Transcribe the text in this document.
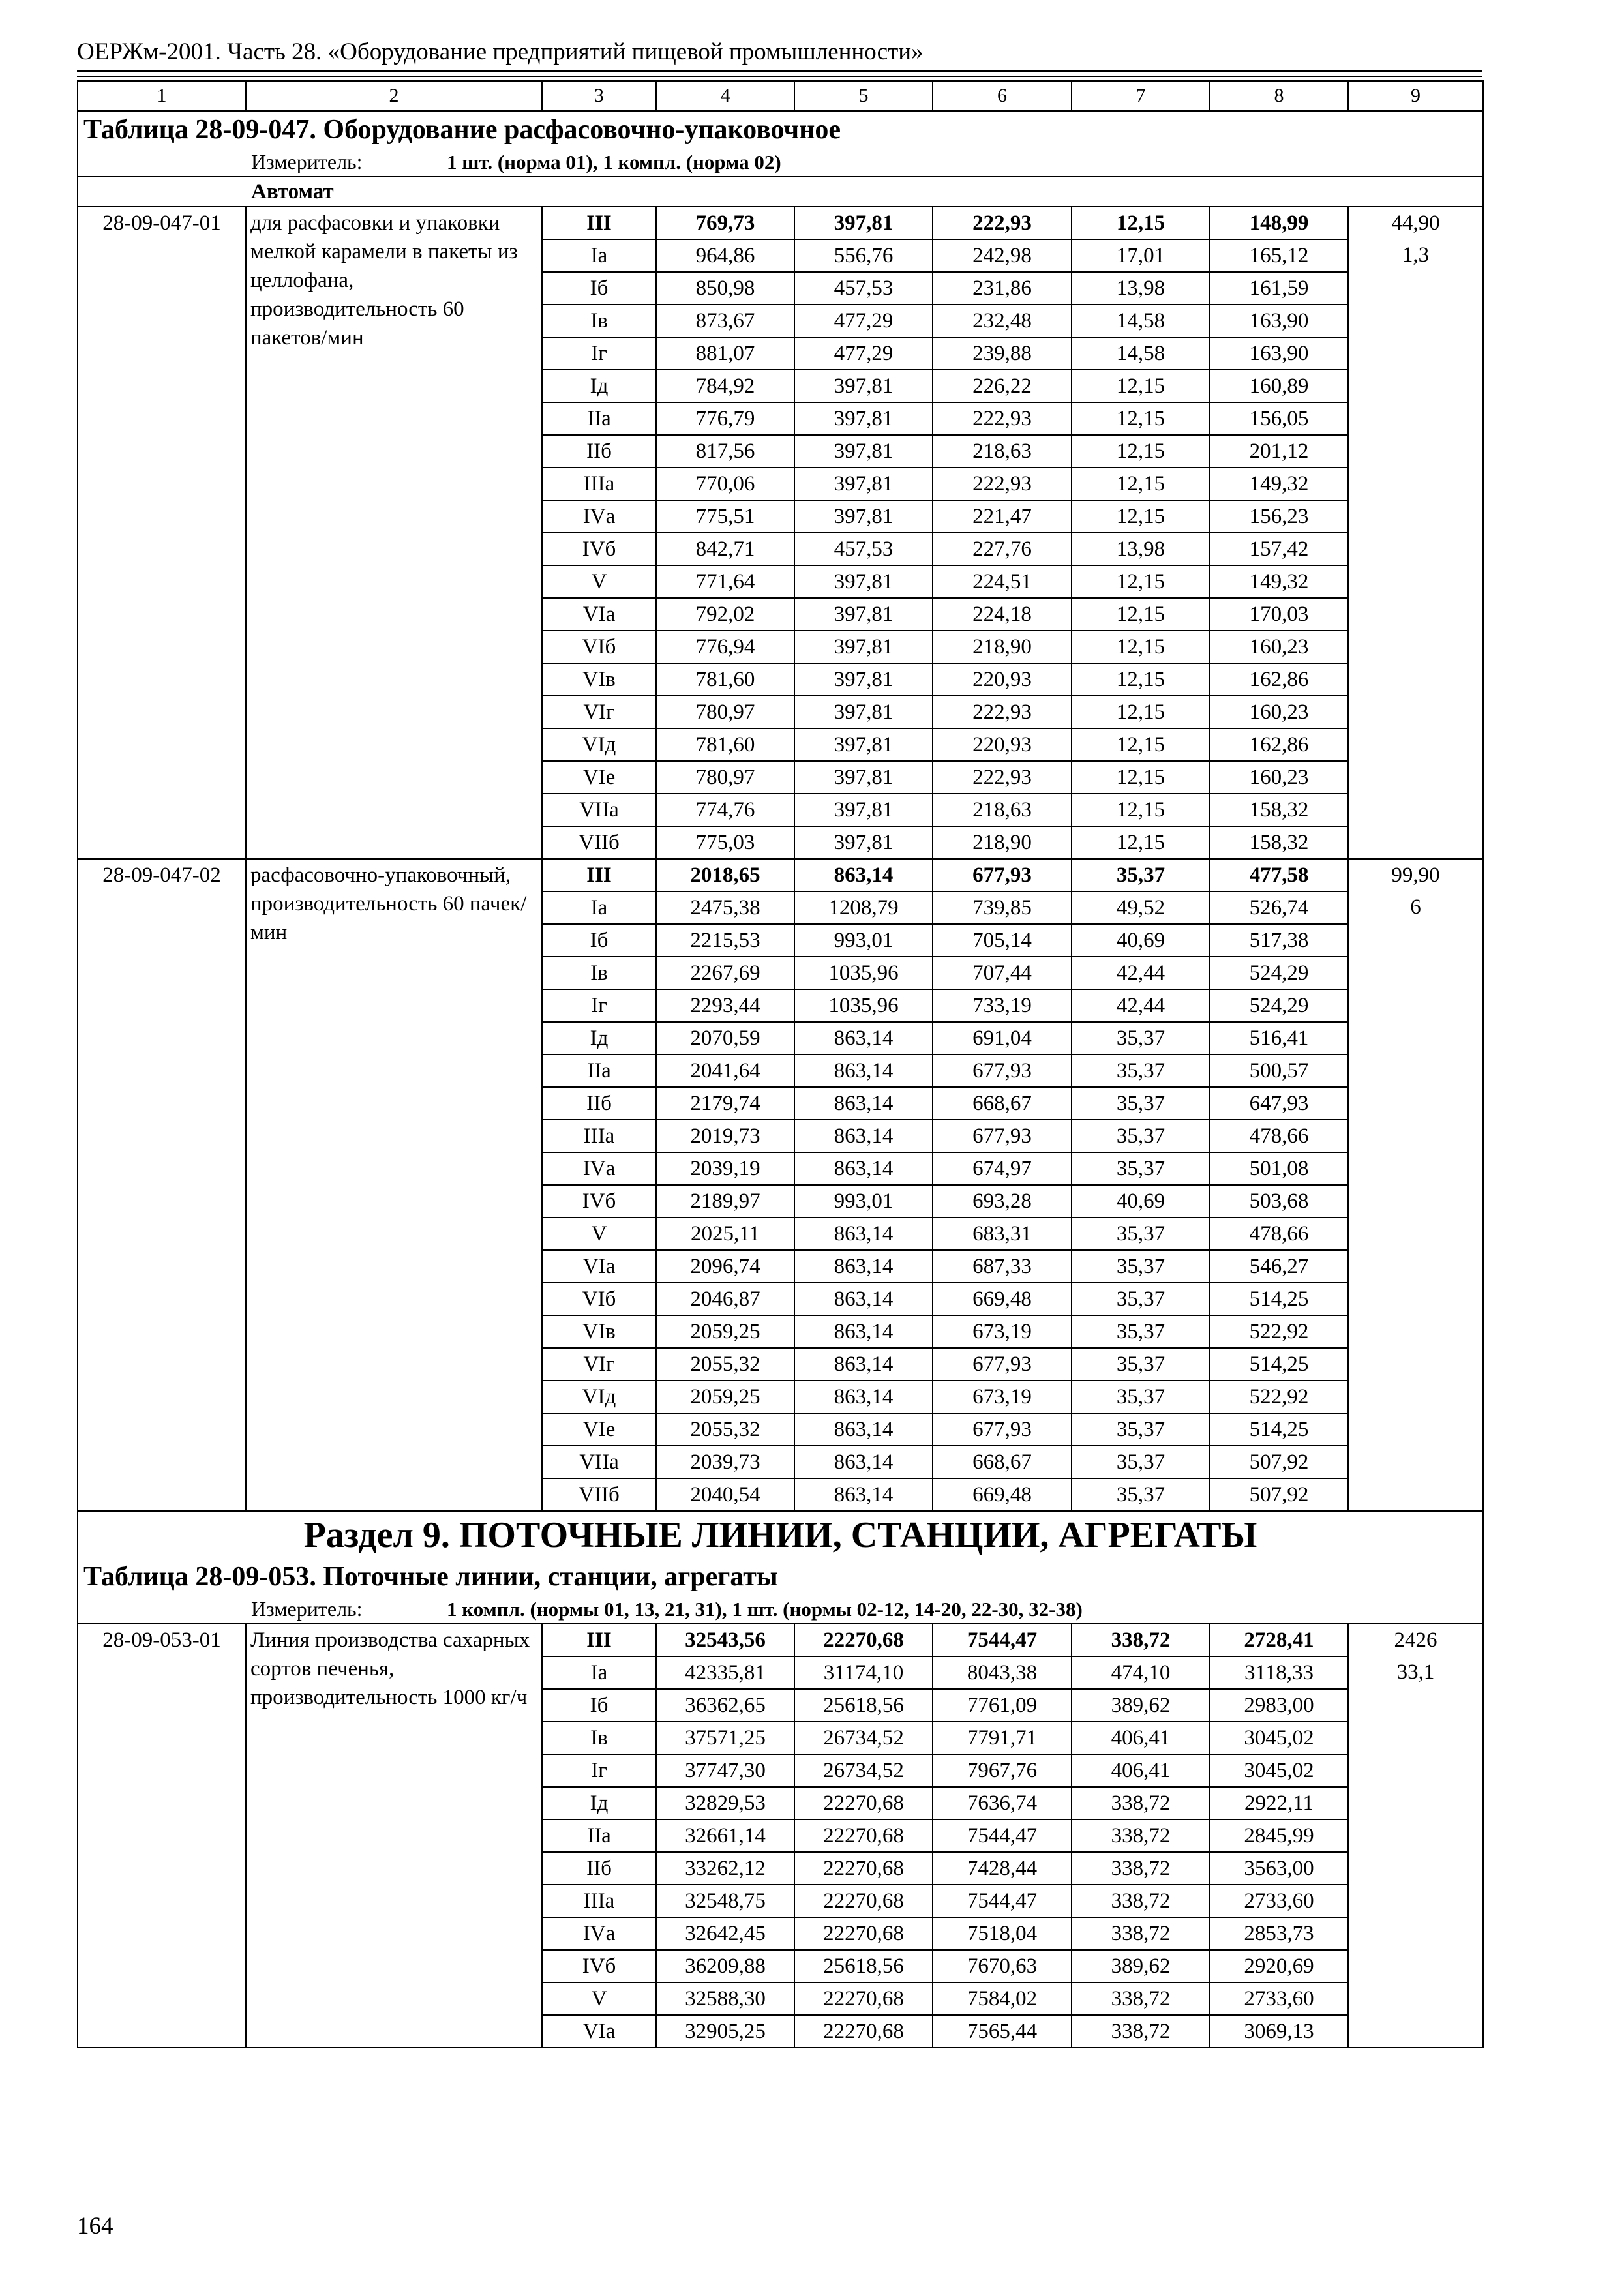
ОЕРЖм-2001. Часть 28. «Оборудование предприятий пищевой промышленности»
1	2	3	4	5	6	7	8	9
Таблица 28-09-047. Оборудование расфасовочно-упаковочное								
Измеритель: 1 шт. (норма 01), 1 компл. (норма 02)								
Автомат								
28-09-047-01	для расфасовки и упаковки мелкой карамели в пакеты из целлофана, производительность 60 пакетов/мин	III	769,73	397,81	222,93	12,15	148,99	44,90
		Iа	964,86	556,76	242,98	17,01	165,12	1,3
		Iб	850,98	457,53	231,86	13,98	161,59	
		Iв	873,67	477,29	232,48	14,58	163,90	
		Iг	881,07	477,29	239,88	14,58	163,90	
		Iд	784,92	397,81	226,22	12,15	160,89	
		IIа	776,79	397,81	222,93	12,15	156,05	
		IIб	817,56	397,81	218,63	12,15	201,12	
		IIIа	770,06	397,81	222,93	12,15	149,32	
		IVа	775,51	397,81	221,47	12,15	156,23	
		IVб	842,71	457,53	227,76	13,98	157,42	
		V	771,64	397,81	224,51	12,15	149,32	
		VIа	792,02	397,81	224,18	12,15	170,03	
		VIб	776,94	397,81	218,90	12,15	160,23	
		VIв	781,60	397,81	220,93	12,15	162,86	
		VIг	780,97	397,81	222,93	12,15	160,23	
		VIд	781,60	397,81	220,93	12,15	162,86	
		VIе	780,97	397,81	222,93	12,15	160,23	
		VIIа	774,76	397,81	218,63	12,15	158,32	
		VIIб	775,03	397,81	218,90	12,15	158,32	
28-09-047-02	расфасовочно-упаковочный, производительность 60 пачек/мин	III	2018,65	863,14	677,93	35,37	477,58	99,90
		Iа	2475,38	1208,79	739,85	49,52	526,74	6
		Iб	2215,53	993,01	705,14	40,69	517,38	
		Iв	2267,69	1035,96	707,44	42,44	524,29	
		Iг	2293,44	1035,96	733,19	42,44	524,29	
		Iд	2070,59	863,14	691,04	35,37	516,41	
		IIа	2041,64	863,14	677,93	35,37	500,57	
		IIб	2179,74	863,14	668,67	35,37	647,93	
		IIIа	2019,73	863,14	677,93	35,37	478,66	
		IVа	2039,19	863,14	674,97	35,37	501,08	
		IVб	2189,97	993,01	693,28	40,69	503,68	
		V	2025,11	863,14	683,31	35,37	478,66	
		VIа	2096,74	863,14	687,33	35,37	546,27	
		VIб	2046,87	863,14	669,48	35,37	514,25	
		VIв	2059,25	863,14	673,19	35,37	522,92	
		VIг	2055,32	863,14	677,93	35,37	514,25	
		VIд	2059,25	863,14	673,19	35,37	522,92	
		VIе	2055,32	863,14	677,93	35,37	514,25	
		VIIа	2039,73	863,14	668,67	35,37	507,92	
		VIIб	2040,54	863,14	669,48	35,37	507,92	
Раздел 9. ПОТОЧНЫЕ ЛИНИИ, СТАНЦИИ, АГРЕГАТЫ								
Таблица 28-09-053. Поточные линии, станции, агрегаты								
Измеритель: 1 компл. (нормы 01, 13, 21, 31), 1 шт. (нормы 02-12, 14-20, 22-30, 32-38)								
28-09-053-01	Линия производства сахарных сортов печенья, производительность 1000 кг/ч	III	32543,56	22270,68	7544,47	338,72	2728,41	2426
		Iа	42335,81	31174,10	8043,38	474,10	3118,33	33,1
		Iб	36362,65	25618,56	7761,09	389,62	2983,00	
		Iв	37571,25	26734,52	7791,71	406,41	3045,02	
		Iг	37747,30	26734,52	7967,76	406,41	3045,02	
		Iд	32829,53	22270,68	7636,74	338,72	2922,11	
		IIа	32661,14	22270,68	7544,47	338,72	2845,99	
		IIб	33262,12	22270,68	7428,44	338,72	3563,00	
		IIIа	32548,75	22270,68	7544,47	338,72	2733,60	
		IVа	32642,45	22270,68	7518,04	338,72	2853,73	
		IVб	36209,88	25618,56	7670,63	389,62	2920,69	
		V	32588,30	22270,68	7584,02	338,72	2733,60	
		VIа	32905,25	22270,68	7565,44	338,72	3069,13	
164
